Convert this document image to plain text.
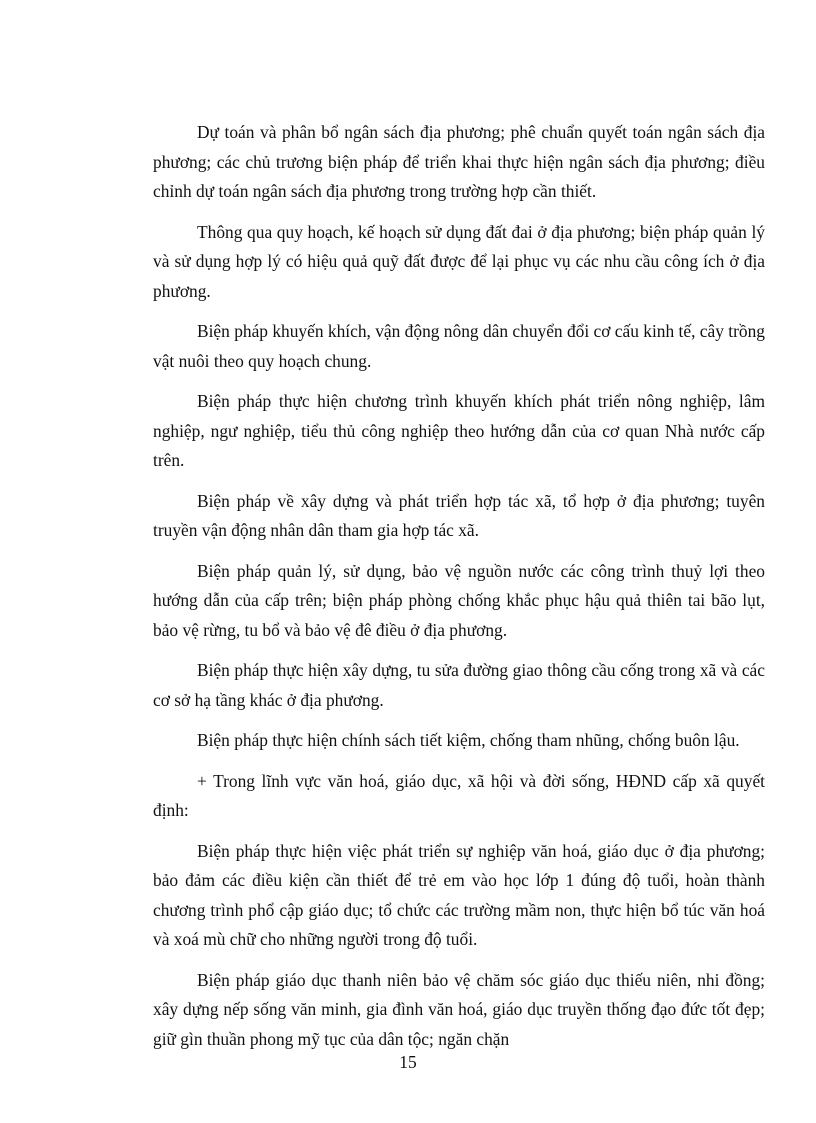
Dự toán và phân bổ ngân sách địa phương; phê chuẩn quyết toán ngân sách địa phương; các chủ trương biện pháp để triển khai thực hiện ngân sách địa phương; điều chỉnh dự toán ngân sách địa phương trong trường hợp cần thiết.

Thông qua quy hoạch, kế hoạch sử dụng đất đai ở địa phương; biện pháp quản lý và sử dụng hợp lý có hiệu quả quỹ đất được để lại phục vụ các nhu cầu công ích ở địa phương.

Biện pháp khuyến khích, vận động nông dân chuyển đổi cơ cấu kinh tế, cây trồng vật nuôi theo quy hoạch chung.

Biện pháp thực hiện chương trình khuyến khích phát triển nông nghiệp, lâm nghiệp, ngư nghiệp, tiểu thủ công nghiệp theo hướng dẫn của cơ quan Nhà nước cấp trên.

Biện pháp về xây dựng và phát triển hợp tác xã, tổ hợp ở địa phương; tuyên truyền vận động nhân dân tham gia hợp tác xã.

Biện pháp quản lý, sử dụng, bảo vệ nguồn nước các công trình thuỷ lợi theo hướng dẫn của cấp trên; biện pháp phòng chống khắc phục hậu quả thiên tai bão lụt, bảo vệ rừng, tu bổ và bảo vệ đê điều ở địa phương.

Biện pháp thực hiện xây dựng, tu sửa đường giao thông cầu cống trong xã và các cơ sở hạ tầng khác ở địa phương.

Biện pháp thực hiện chính sách tiết kiệm, chống tham nhũng, chống buôn lậu.

+ Trong lĩnh vực văn hoá, giáo dục, xã hội và đời sống, HĐND cấp xã quyết định:

Biện pháp thực hiện việc phát triển sự nghiệp văn hoá, giáo dục ở địa phương; bảo đảm các điều kiện cần thiết để trẻ em vào học lớp 1 đúng độ tuổi, hoàn thành chương trình phổ cập giáo dục; tổ chức các trường mầm non, thực hiện bổ túc văn hoá và xoá mù chữ cho những người trong độ tuổi.

Biện pháp giáo dục thanh niên bảo vệ chăm sóc giáo dục thiếu niên, nhi đồng; xây dựng nếp sống văn minh, gia đình văn hoá, giáo dục truyền thống đạo đức tốt đẹp; giữ gìn thuần phong mỹ tục của dân tộc; ngăn chặn

15
